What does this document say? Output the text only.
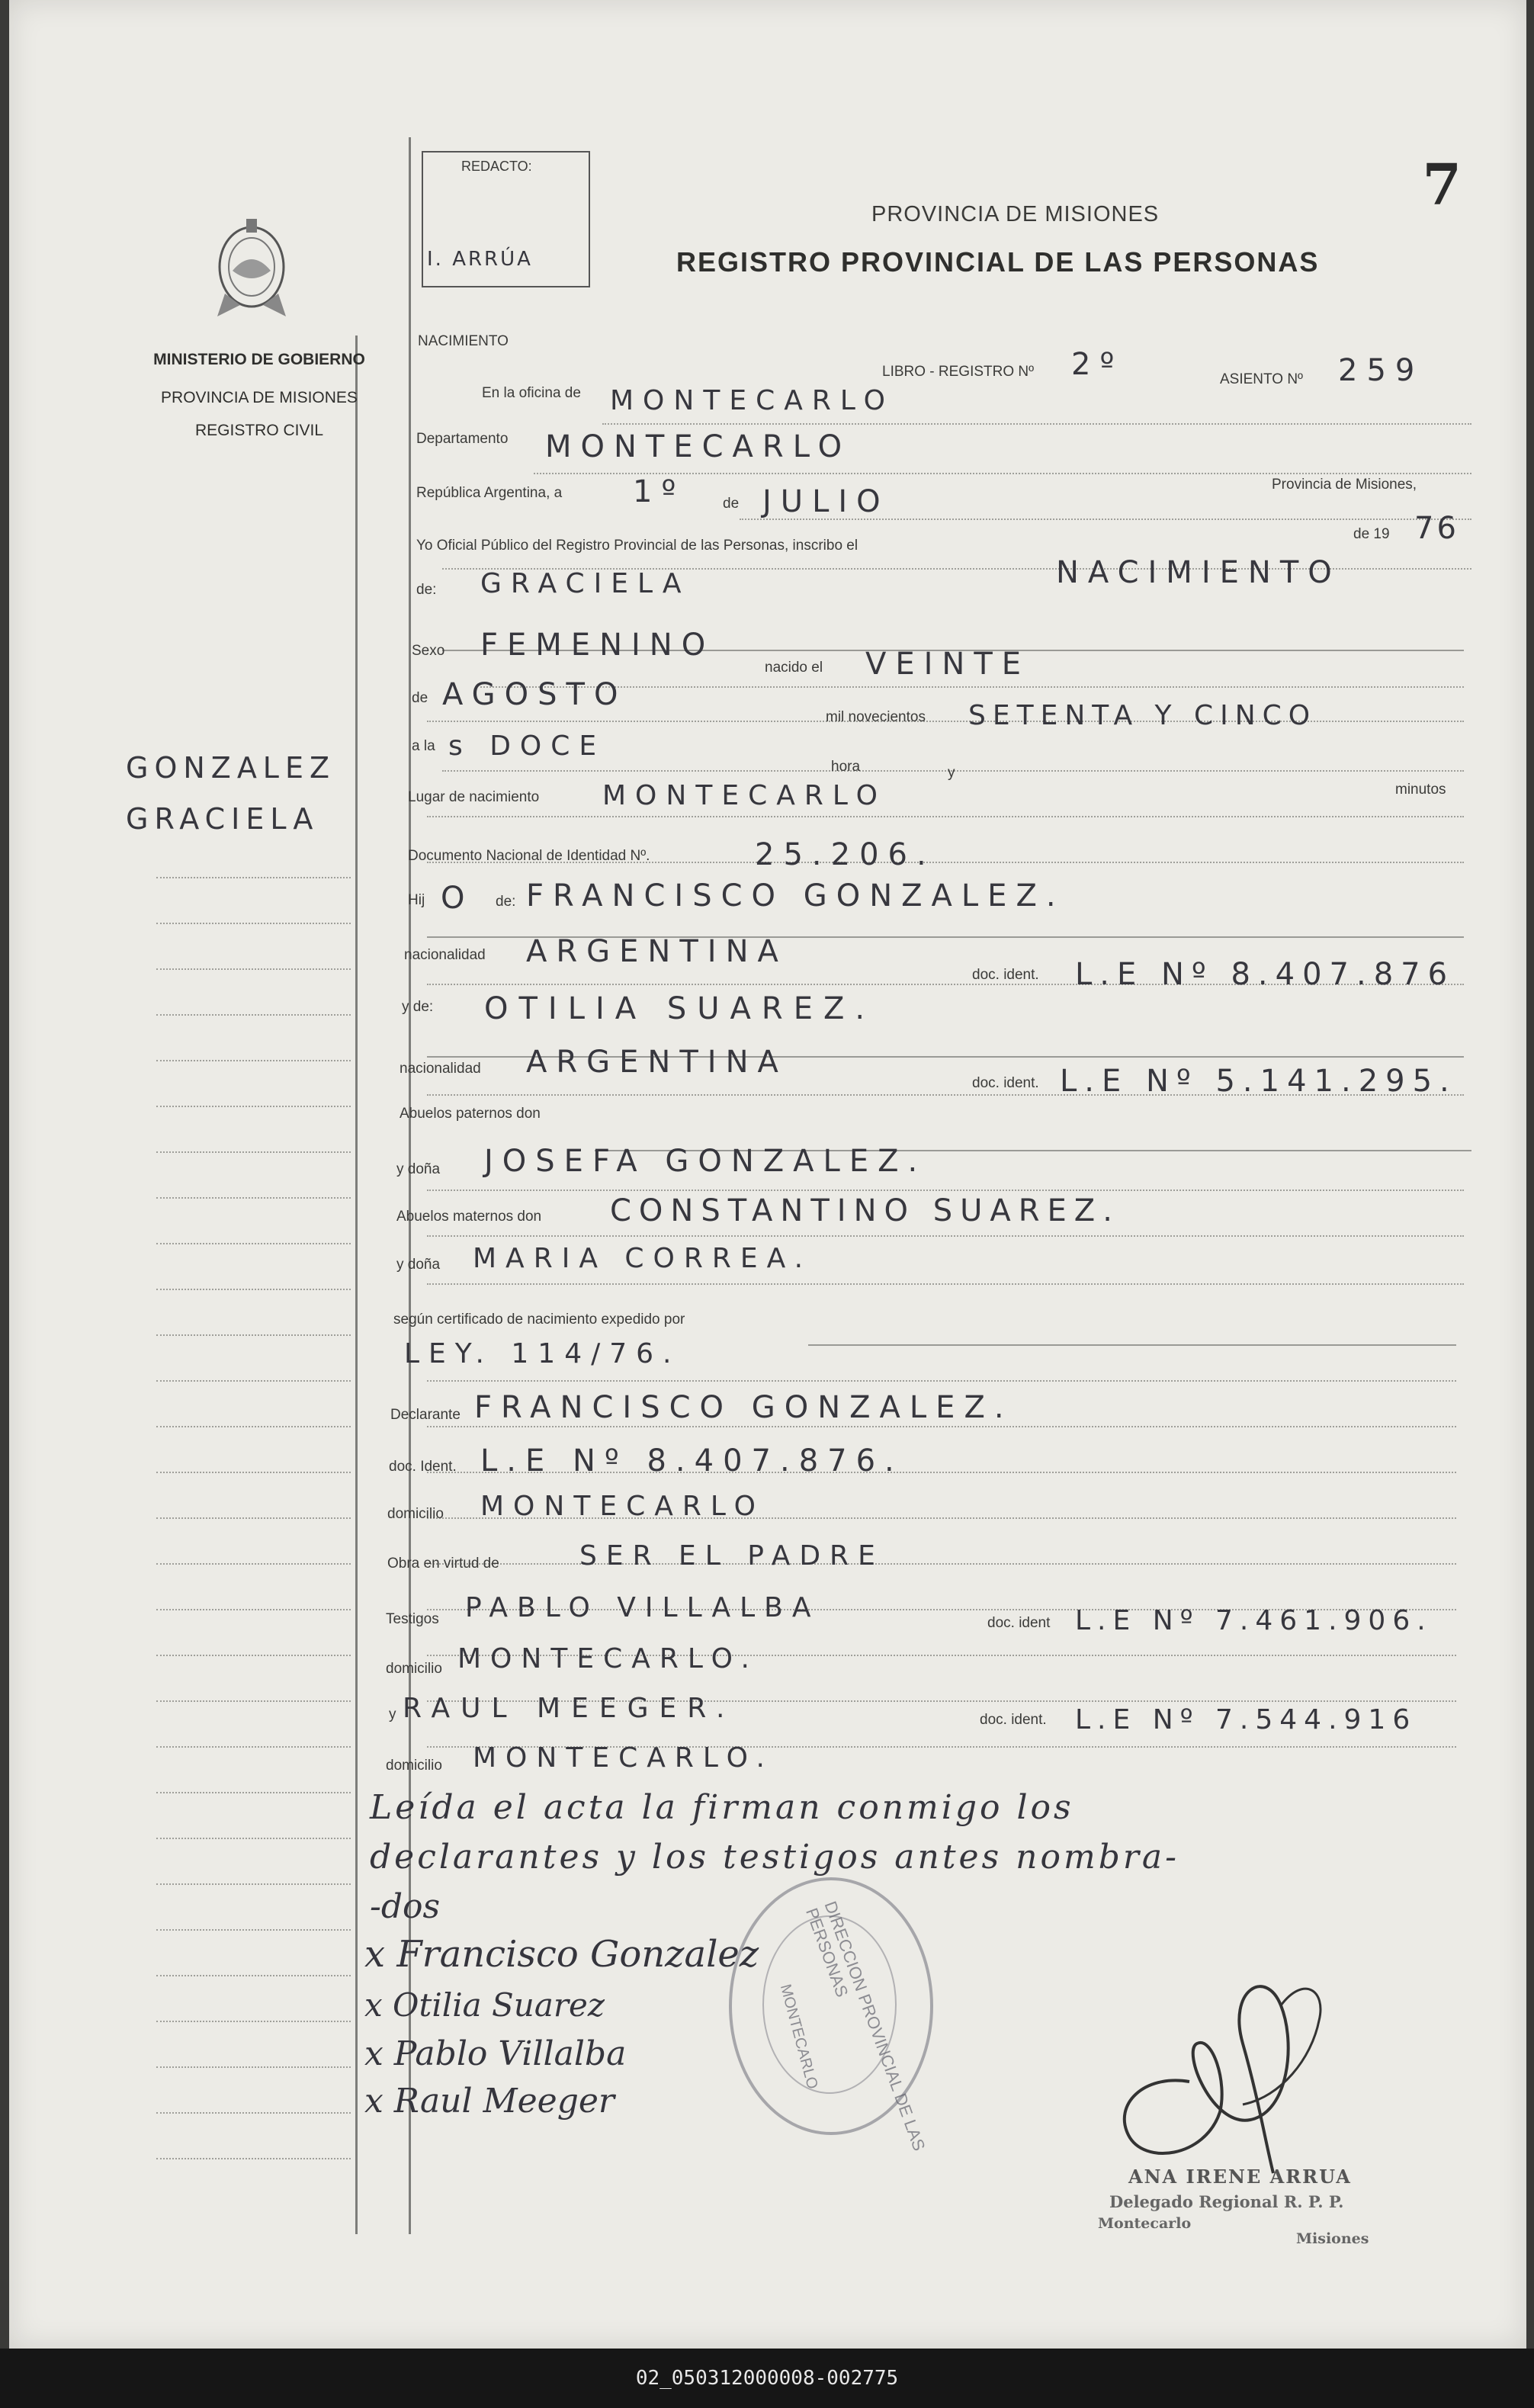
REDACTO:
I. ARRÚA
7
PROVINCIA DE MISIONES
REGISTRO PROVINCIAL DE LAS PERSONAS
MINISTERIO DE GOBIERNO
PROVINCIA DE MISIONES
REGISTRO CIVIL
GONZALEZ
GRACIELA
NACIMIENTO
LIBRO - REGISTRO Nº 2º	ASIENTO Nº 259
En la oficina de MONTECARLO
Departamento MONTECARLO
República Argentina, a 1º	de JULIO	Provincia de Misiones,
de 19 76
Yo Oficial Público del Registro Provincial de las Personas, inscribo el
NACIMIENTO
de: GRACIELA
Sexo FEMENINO
nacido el VEINTE
de AGOSTO
mil novecientos SETENTA Y CINCO
a la s DOCE
hora	y
minutos
Lugar de nacimiento MONTECARLO
Documento Nacional de Identidad Nº.	25.206.
Hij O de: FRANCISCO GONZALEZ.
nacionalidad ARGENTINA
doc. ident. L.E Nº 8.407.876
y de: OTILIA SUAREZ.
nacionalidad ARGENTINA
doc. ident. L.E Nº 5.141.295.
Abuelos paternos don
y doña JOSEFA GONZALEZ.
Abuelos maternos don CONSTANTINO SUAREZ.
y doña MARIA CORREA.
según certificado de nacimiento expedido por
LEY. 114/76.
Declarante FRANCISCO GONZALEZ.
doc. Ident. L.E Nº 8.407.876.
domicilio MONTECARLO
Obra en virtud de	SER EL PADRE
Testigos PABLO VILLALBA	doc. ident L.E Nº 7.461.906.
domicilio MONTECARLO.
y RAUL MEEGER.	doc. ident. L.E Nº 7.544.916
domicilio MONTECARLO.
Leída el acta la firman conmigo los
declarantes y los testigos antes nombra-
-dos
x Francisco Gonzalez
x Otilia Suarez
x Pablo Villalba
x Raul Meeger	DIRECCION PROVINCIAL DE LAS PERSONAS
MONTECARLO
ANA IRENE ARRUA
Delegado Regional R. P. P.
Montecarlo
Misiones
02_050312000008-002775
